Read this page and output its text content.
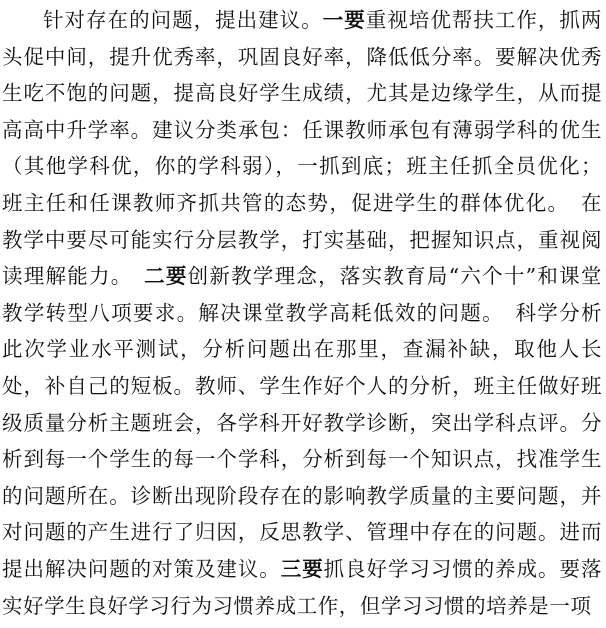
针对存在的问题，提出建议。一要重视培优帮扶工作，抓两头促中间，提升优秀率，巩固良好率，降低低分率。要解决优秀生吃不饱的问题，提高良好学生成绩，尤其是边缘学生，从而提高高中升学率。建议分类承包：任课教师承包有薄弱学科的优生（其他学科优，你的学科弱），一抓到底；班主任抓全员优化；班主任和任课教师齐抓共管的态势，促进学生的群体优化。　在教学中要尽可能实行分层教学，打实基础，把握知识点，重视阅读理解能力。　二要创新教学理念，落实教育局“六个十”和课堂教学转型八项要求。解决课堂教学高耗低效的问题。　科学分析此次学业水平测试，分析问题出在那里，查漏补缺，取他人长处，补自己的短板。教师、学生作好个人的分析，班主任做好班级质量分析主题班会，各学科开好教学诊断，突出学科点评。分析到每一个学生的每一个学科，分析到每一个知识点，找准学生的问题所在。诊断出现阶段存在的影响教学质量的主要问题，并对问题的产生进行了归因，反思教学、管理中存在的问题。进而提出解决问题的对策及建议。三要抓良好学习习惯的养成。要落实好学生良好学习行为习惯养成工作，但学习习惯的培养是一项
